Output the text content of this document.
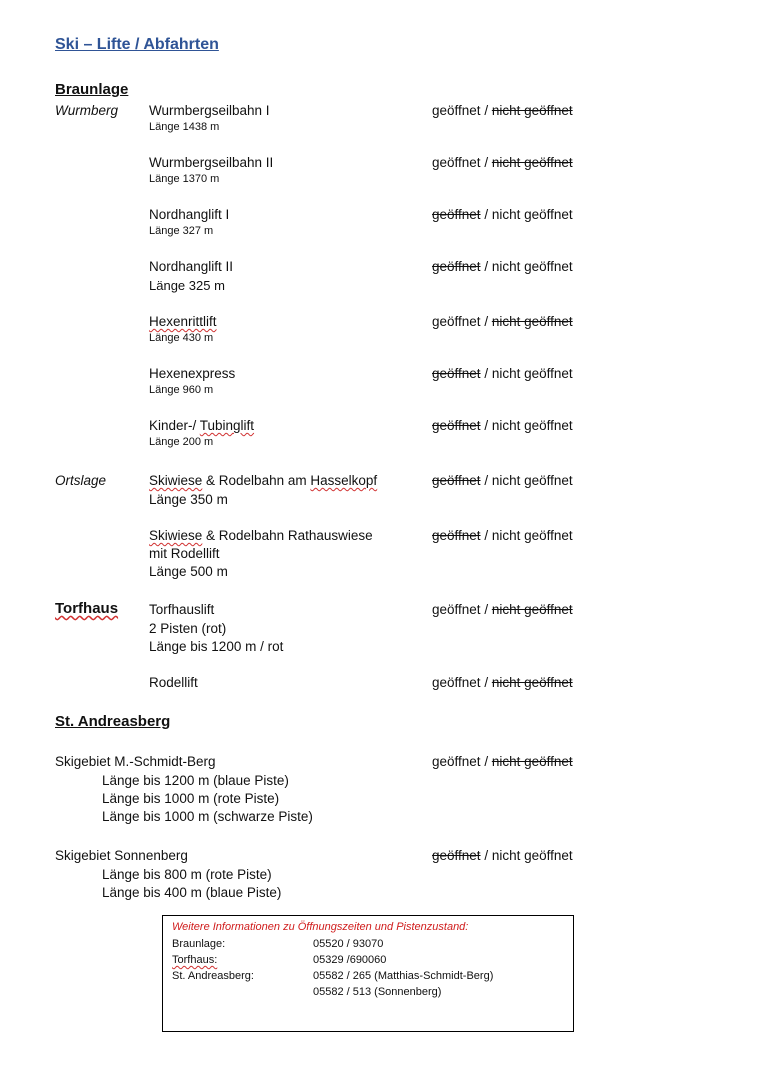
Ski – Lifte / Abfahrten
Braunlage
Wurmberg Wurmbergseilbahn I
Länge 1438 m
geöffnet / nicht geöffnet
Wurmbergseilbahn II
Länge 1370 m
geöffnet / nicht geöffnet
Nordhanglift I
Länge 327 m
geöffnet / nicht geöffnet
Nordhanglift II
Länge 325 m
geöffnet / nicht geöffnet
Hexenrittlift
Länge 430 m
geöffnet / nicht geöffnet
Hexenexpress
Länge 960 m
geöffnet / nicht geöffnet
Kinder-/ Tubinglift
Länge 200 m
geöffnet / nicht geöffnet
Ortslage	Skiwiese & Rodelbahn am Hasselkopf
Länge 350 m
geöffnet / nicht geöffnet
Skiwiese & Rodelbahn Rathauswiese
mit Rodellift
Länge 500 m
geöffnet / nicht geöffnet
Torfhaus Torfhauslift
2 Pisten (rot)
Länge bis 1200 m / rot
geöffnet / nicht geöffnet
Rodellift	geöffnet / nicht geöffnet
St. Andreasberg
Skigebiet M.-Schmidt-Berg	geöffnet / nicht geöffnet
Länge bis 1200 m (blaue Piste)
Länge bis 1000 m (rote Piste)
Länge bis 1000 m (schwarze Piste)
Skigebiet Sonnenberg	geöffnet / nicht geöffnet
Länge bis 800 m (rote Piste)
Länge bis 400 m (blaue Piste)
Weitere Informationen zu Öffnungszeiten und Pistenzustand:
Braunlage:	05520 / 93070
Torfhaus:	05329 /690060
St. Andreasberg:	05582 / 265 (Matthias-Schmidt-Berg)
05582 / 513 (Sonnenberg)
